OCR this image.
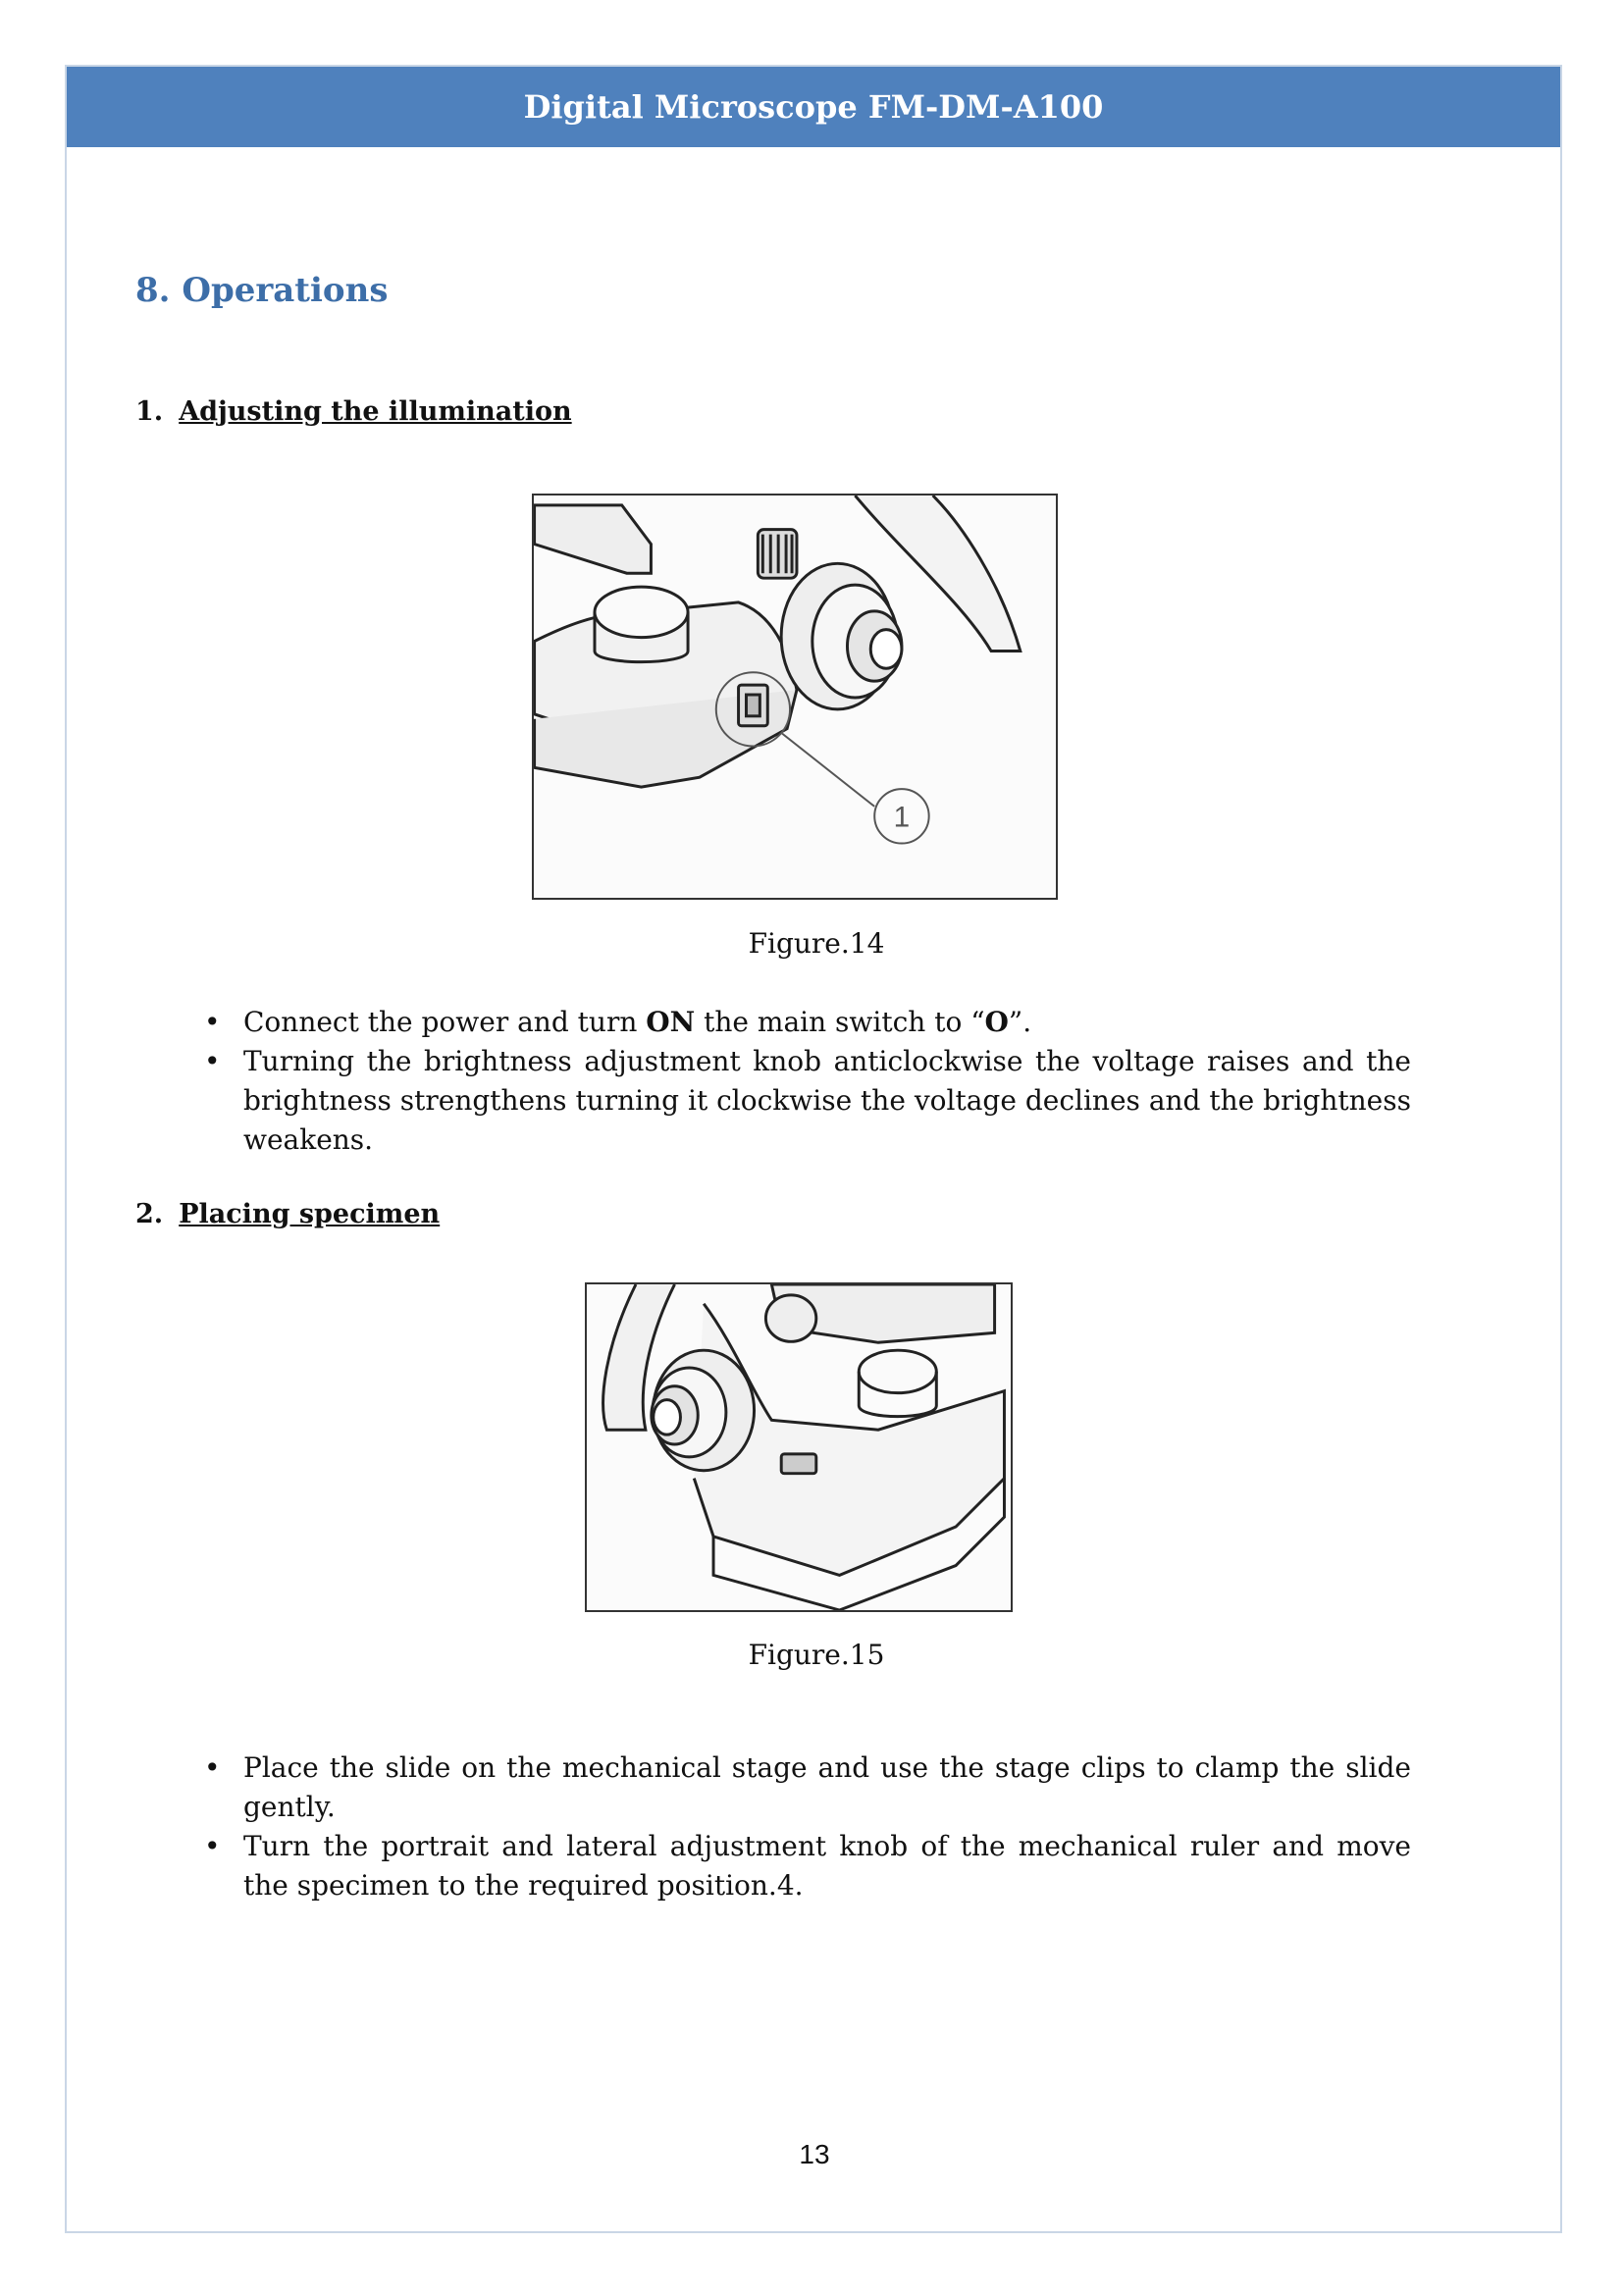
Digital Microscope FM-DM-A100
8. Operations
1. Adjusting the illumination
1
Figure.14
• Connect the power and turn ON the main switch to “O”.
• Turning the brightness adjustment knob anticlockwise the voltage raises and the brightness strengthens turning it clockwise the voltage declines and the brightness weakens.
2. Placing specimen
Figure.15
• Place the slide on the mechanical stage and use the stage clips to clamp the slide gently.
• Turn the portrait and lateral adjustment knob of the mechanical ruler and move the specimen to the required position.4.
13
